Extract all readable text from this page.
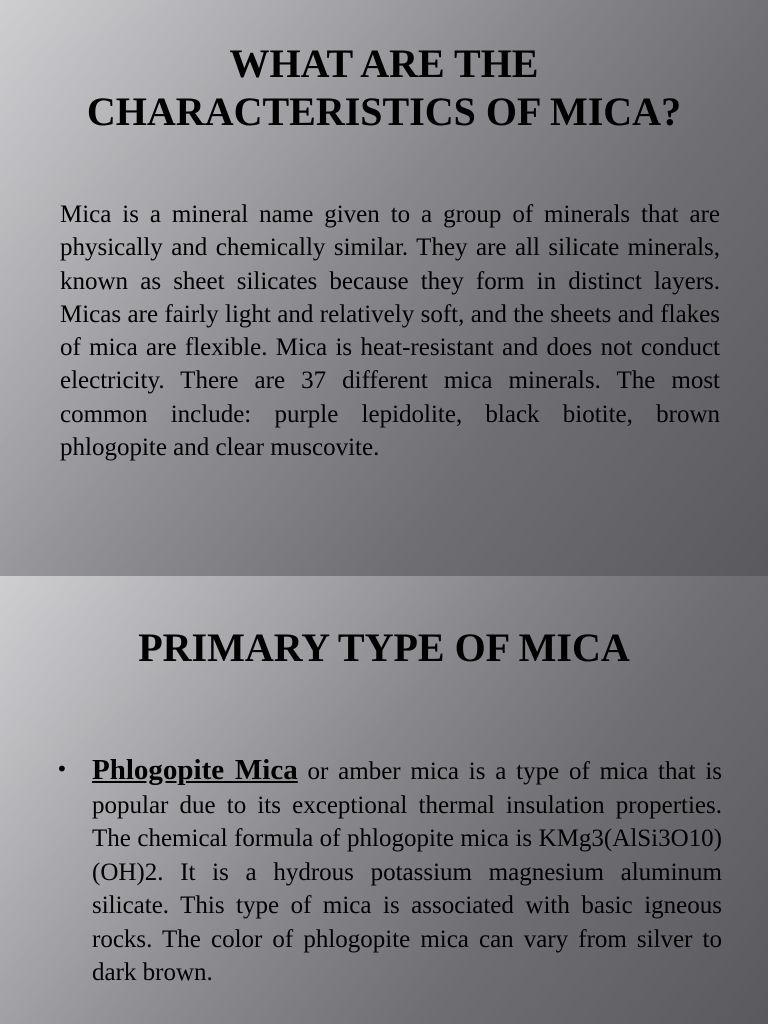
WHAT ARE THE
CHARACTERISTICS OF MICA?

Mica is a mineral name given to a group of minerals that are physically and chemically similar. They are all silicate minerals, known as sheet silicates because they form in distinct layers. Micas are fairly light and relatively soft, and the sheets and flakes of mica are flexible. Mica is heat-resistant and does not conduct electricity. There are 37 different mica minerals. The most common include: purple lepidolite, black biotite, brown phlogopite and clear muscovite.

PRIMARY TYPE OF MICA
• Phlogopite Mica or amber mica is a type of mica that is popular due to its exceptional thermal insulation properties. The chemical formula of phlogopite mica is KMg3(AlSi3O10)(OH)2. It is a hydrous potassium magnesium aluminum silicate. This type of mica is associated with basic igneous rocks. The color of phlogopite mica can vary from silver to dark brown.
